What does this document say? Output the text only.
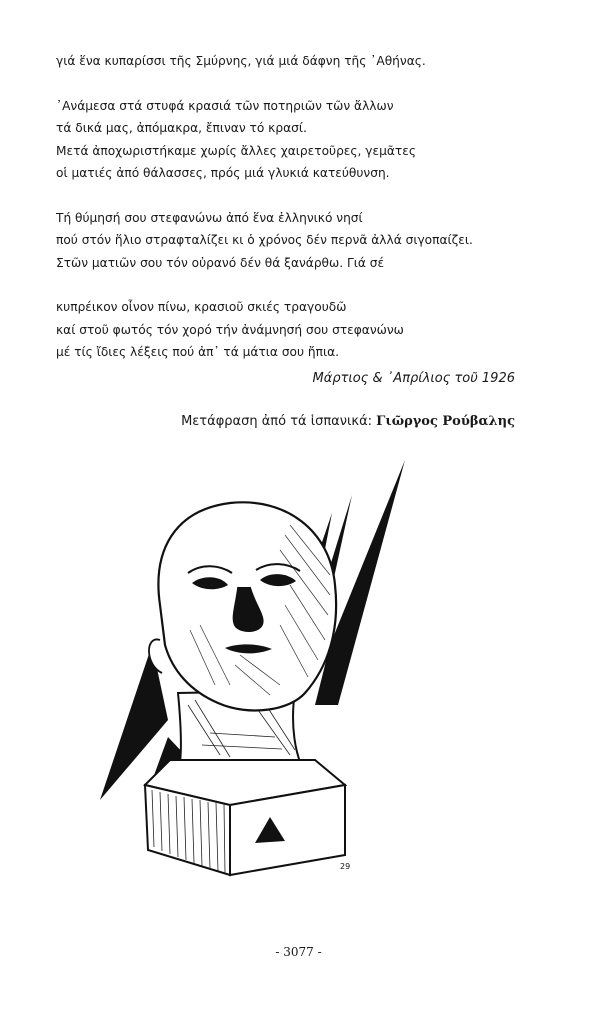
γιά ἕνα κυπαρίσσι τῆς Σμύρνης, γιά μιά δάφνη τῆς ᾿Αθήνας.
᾿Ανάμεσα στά στυφά κρασιά τῶν ποτηριῶν τῶν ἄλλων
τά δικά μας, ἀπόμακρα, ἔπιναν τό κρασί.
Μετά ἀποχωριστήκαμε χωρίς ἄλλες χαιρετοῦρες, γεμᾶτες
οἱ ματιές ἀπό θάλασσες, πρός μιά γλυκιά κατεύθυνση.
Τή θύμησή σου στεφανώνω ἀπό ἕνα ἑλληνικό νησί
πού στόν ἥλιο στραφταλίζει κι ὁ χρόνος δέν περνᾶ ἀλλά σιγοπαίζει.
Στῶν ματιῶν σου τόν οὐρανό δέν θά ξανάρθω. Γιά σέ
κυπρέικον οἶνον πίνω, κρασιοῦ σκιές τραγουδῶ
καί στοῦ φωτός τόν χορό τήν ἀνάμνησή σου στεφανώνω
μέ τίς ἴδιες λέξεις πού ἀπ᾿ τά μάτια σου ἤπια.
Μάρτιος & ᾿Απρίλιος τοῦ 1926
Μετάφραση ἀπό τά ἱσπανικά: Γιῶργος Ρούβαλης
29
- 3077 -
